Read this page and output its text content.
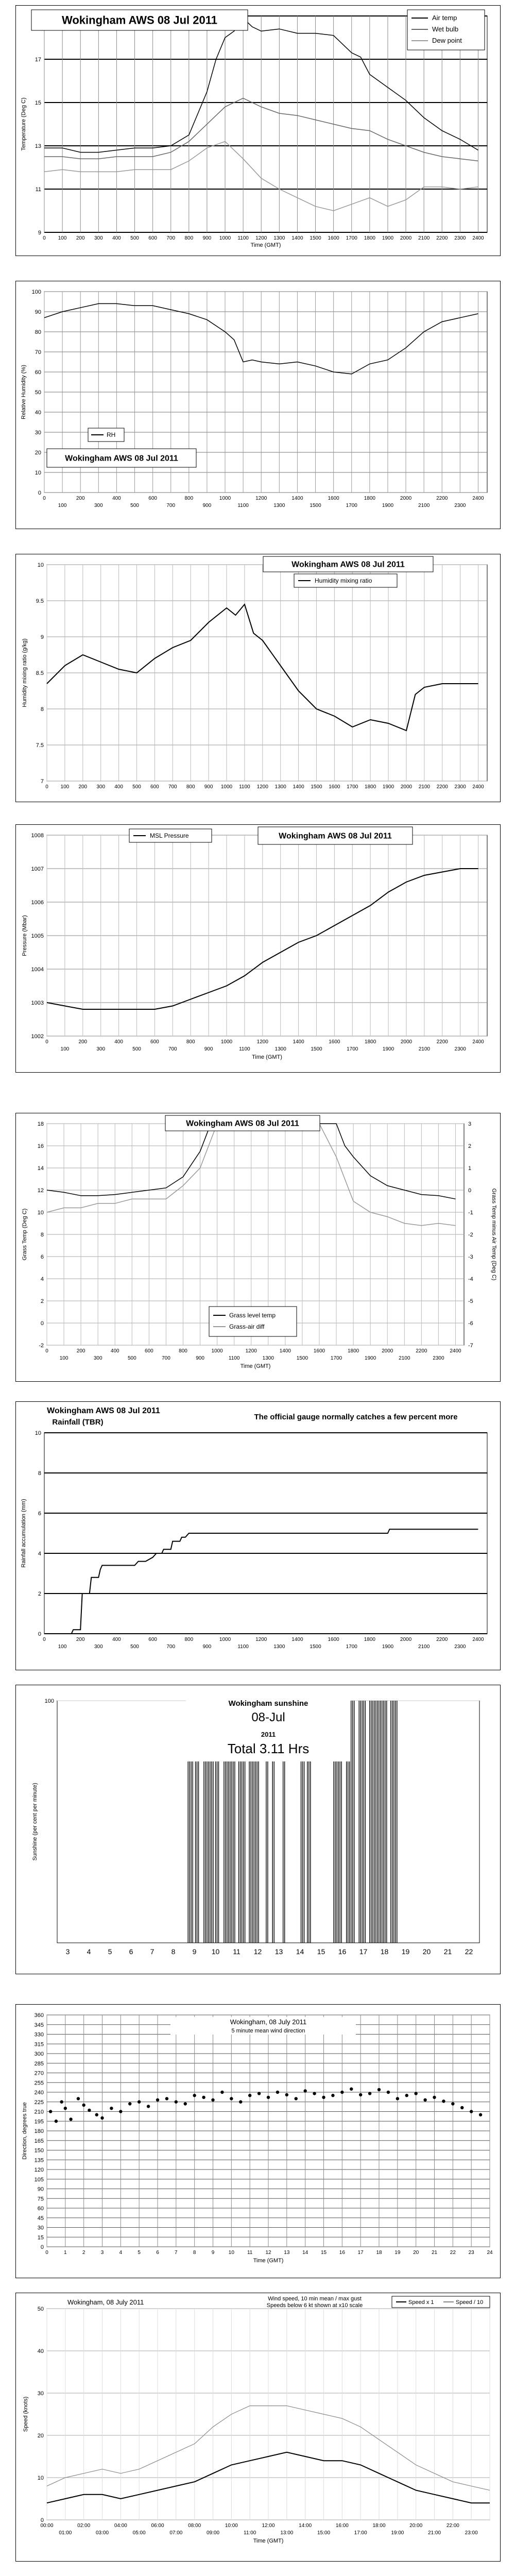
9
11
13
15
17
0 100 200 300 400 500 600 700 800 900 1000 1100 1200 1300 1400 1500 1600 1700 1800 1900 2000 2100 2200 2300 2400
Time (GMT)
Temperature (Deg C)
Wokingham AWS 08 Jul 2011	Air temp
Wet bulb
Dew point
0
10
20
30
40
50
60
70
80
90
100
0	200	400	600	800	1000	1200	1400	1600	1800	2000	2200	2400
100	300	500	700	900	1100	1300	1500	1700	1900	2100	2300
Relative Humidity (%)
Wokingham AWS 08 Jul 2011
RH
7
7.5
8
8.5
9
9.5
10
0 100 200 300 400 500 600 700 800 900 1000 1100 1200 1300 1400 1500 1600 1700 1800 1900 2000 2100 2200 2300 2400
Humidity mixing ratio (g/kg)
Wokingham AWS 08 Jul 2011
Humidity mixing ratio
1002
1003
1004
1005
1006
1007
1008
0	200	400	600	800	1000	1200	1400	1600	1800	2000	2200	2400
100	300	500	700	900	1100	1300	1500	1700	1900	2100	2300
Time (GMT)
Pressure (Mbar)
Wokingham AWS 08 Jul 2011
MSL Pressure
-2
0
2
4
6
8
10
12
14
16
18
-7
-6
-5
-4
-3
-2
-1
0
1
2
3
0	200	400	600	800	1000	1200	1400	1600	1800	2000	2200	2400
100	300	500	700	900	1100	1300	1500	1700	1900	2100	2300
Time (GMT)
Grass Temp (Deg C)	Grass Temp minus Air Temp (Deg C)
Wokingham AWS 08 Jul 2011
Grass level temp
Grass-air diff
0
2
4
6
8
10
0	200	400	600	800	1000	1200	1400	1600	1800	2000	2200	2400
100	300	500	700	900	1100	1300	1500	1700	1900	2100	2300
Rainfall accumulation (mm)
Wokingham AWS 08 Jul 2011
Rainfall (TBR)
The official gauge normally catches a few percent more
100
3 4 5 6 7 8 9 10 11 12 13 14 15 16 17 18 19 20 21 22
Sunshine (per cent per minute)
Wokingham sunshine
08-Jul
2011
Total 3.11 Hrs
0
15
30
45
60
75
90
105
120
135
150
165
180
195
210
225
240
255
270
285
300
315
330
345
360
0	1	2	3	4	5	6	7	8	9	10	11	12 13 14 15 16 17 18 19 20 21 22 23 24
Time (GMT)
Direction, degrees true
Wokingham, 08 July 2011
5 minute mean wind direction
0
10
20
30
40
50
00:00	02:00	04:00	06:00	08:00	10:00	12:00	14:00	16:00	18:00	20:00	22:00
01:00	03:00	05:00	07:00	09:00	11:00	13:00	15:00	17:00	19:00	21:00	23:00
Time (GMT)
Speed (knots)
Wokingham, 08 July 2011	Wind speed, 10 min mean / max gust
Speeds below 6 kt shown at x10 scale	Speed x 1	Speed / 10
